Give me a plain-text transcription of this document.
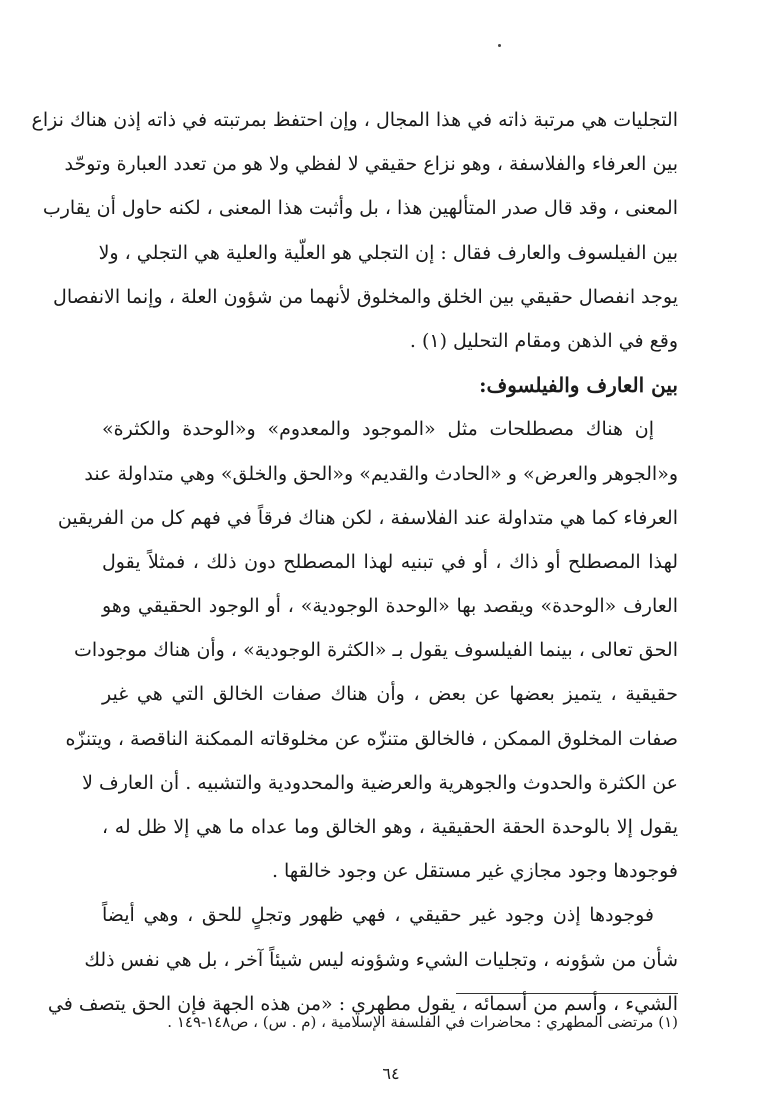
التجليات هي مرتبة ذاته في هذا المجال ، وإن احتفظ بمرتبته في ذاته إذن هناك نزاع
بين العرفاء والفلاسفة ، وهو نزاع حقيقي لا لفظي ولا هو من تعدد العبارة وتوحّد
المعنى ، وقد قال صدر المتألهين هذا ، بل وأثبت هذا المعنى ، لكنه حاول أن يقارب
بين الفيلسوف والعارف فقال : إن التجلي هو العلّية والعلية هي التجلي ، ولا
يوجد انفصال حقيقي بين الخلق والمخلوق لأنهما من شؤون العلة ، وإنما الانفصال
وقع في الذهن ومقام التحليل (١) .
بين العارف والفيلسوف:
إن هناك مصطلحات مثل «الموجود والمعدوم» و«الوحدة والكثرة»
و«الجوهر والعرض» و «الحادث والقديم» و«الحق والخلق» وهي متداولة عند
العرفاء كما هي متداولة عند الفلاسفة ، لكن هناك فرقاً في فهم كل من الفريقين
لهذا المصطلح أو ذاك ، أو في تبنيه لهذا المصطلح دون ذلك ، فمثلاً يقول
العارف «الوحدة» ويقصد بها «الوحدة الوجودية» ، أو الوجود الحقيقي وهو
الحق تعالى ، بينما الفيلسوف يقول بـ «الكثرة الوجودية» ، وأن هناك موجودات
حقيقية ، يتميز بعضها عن بعض ، وأن هناك صفات الخالق التي هي غير
صفات المخلوق الممكن ، فالخالق متنزّه عن مخلوقاته الممكنة الناقصة ، ويتنزّه
عن الكثرة والحدوث والجوهرية والعرضية والمحدودية والتشبيه . أن العارف لا
يقول إلا بالوحدة الحقة الحقيقية ، وهو الخالق وما عداه ما هي إلا ظل له ،
فوجودها وجود مجازي غير مستقل عن وجود خالقها .
فوجودها إذن وجود غير حقيقي ، فهي ظهور وتجلٍ للحق ، وهي أيضاً
شأن من شؤونه ، وتجليات الشيء وشؤونه ليس شيئاً آخر ، بل هي نفس ذلك
الشيء ، وأسم من أسمائه ، يقول مطهري : «من هذه الجهة فإن الحق يتصف في
(١) مرتضى المطهري : محاضرات في الفلسفة الإسلامية ، (م . س) ، ص١٤٨-١٤٩ .
٦٤
